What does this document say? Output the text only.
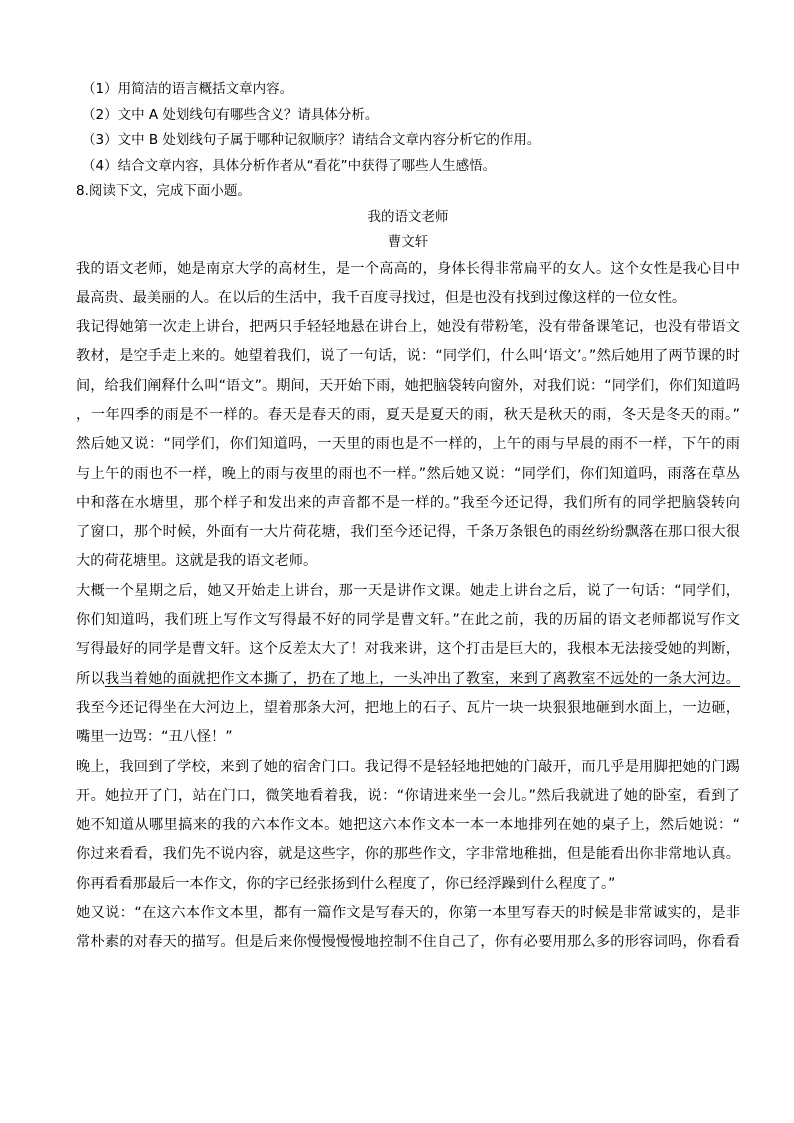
（1）用简洁的语言概括文章内容。
（2）文中 A 处划线句有哪些含义？请具体分析。
（3）文中 B 处划线句子属于哪种记叙顺序？请结合文章内容分析它的作用。
（4）结合文章内容，具体分析作者从“看花”中获得了哪些人生感悟。
8.阅读下文，完成下面小题。
我的语文老师
曹文轩
我的语文老师，她是南京大学的高材生，是一个高高的，身体长得非常扁平的女人。这个女性是我心目中
最高贵、最美丽的人。在以后的生活中，我千百度寻找过，但是也没有找到过像这样的一位女性。
我记得她第一次走上讲台，把两只手轻轻地悬在讲台上，她没有带粉笔，没有带备课笔记，也没有带语文
教材，是空手走上来的。她望着我们，说了一句话，说：“同学们，什么叫‘语文’。”然后她用了两节课的时
间，给我们阐释什么叫“语文”。期间，天开始下雨，她把脑袋转向窗外，对我们说：“同学们，你们知道吗
，一年四季的雨是不一样的。春天是春天的雨，夏天是夏天的雨，秋天是秋天的雨，冬天是冬天的雨。”
然后她又说：“同学们，你们知道吗，一天里的雨也是不一样的，上午的雨与早晨的雨不一样，下午的雨
与上午的雨也不一样，晚上的雨与夜里的雨也不一样。”然后她又说：“同学们，你们知道吗，雨落在草丛
中和落在水塘里，那个样子和发出来的声音都不是一样的。”我至今还记得，我们所有的同学把脑袋转向
了窗口，那个时候，外面有一大片荷花塘，我们至今还记得，千条万条银色的雨丝纷纷飘落在那口很大很
大的荷花塘里。这就是我的语文老师。
大概一个星期之后，她又开始走上讲台，那一天是讲作文课。她走上讲台之后，说了一句话：“同学们，
你们知道吗，我们班上写作文写得最不好的同学是曹文轩。”在此之前，我的历届的语文老师都说写作文
写得最好的同学是曹文轩。这个反差太大了！对我来讲，这个打击是巨大的，我根本无法接受她的判断，
所以我当着她的面就把作文本撕了，扔在了地上，一头冲出了教室，来到了离教室不远处的一条大河边。
我至今还记得坐在大河边上，望着那条大河，把地上的石子、瓦片一块一块狠狠地砸到水面上，一边砸，
嘴里一边骂：“丑八怪！”
晚上，我回到了学校，来到了她的宿舍门口。我记得不是轻轻地把她的门敲开，而几乎是用脚把她的门踢
开。她拉开了门，站在门口，微笑地看着我，说：“你请进来坐一会儿。”然后我就进了她的卧室，看到了
她不知道从哪里搞来的我的六本作文本。她把这六本作文本一本一本地排列在她的桌子上，然后她说：“
你过来看看，我们先不说内容，就是这些字，你的那些作文，字非常地稚拙，但是能看出你非常地认真。
你再看看那最后一本作文，你的字已经张扬到什么程度了，你已经浮躁到什么程度了。”
她又说：“在这六本作文本里，都有一篇作文是写春天的，你第一本里写春天的时候是非常诚实的，是非
常朴素的对春天的描写。但是后来你慢慢慢慢地控制不住自己了，你有必要用那么多的形容词吗，你看看
